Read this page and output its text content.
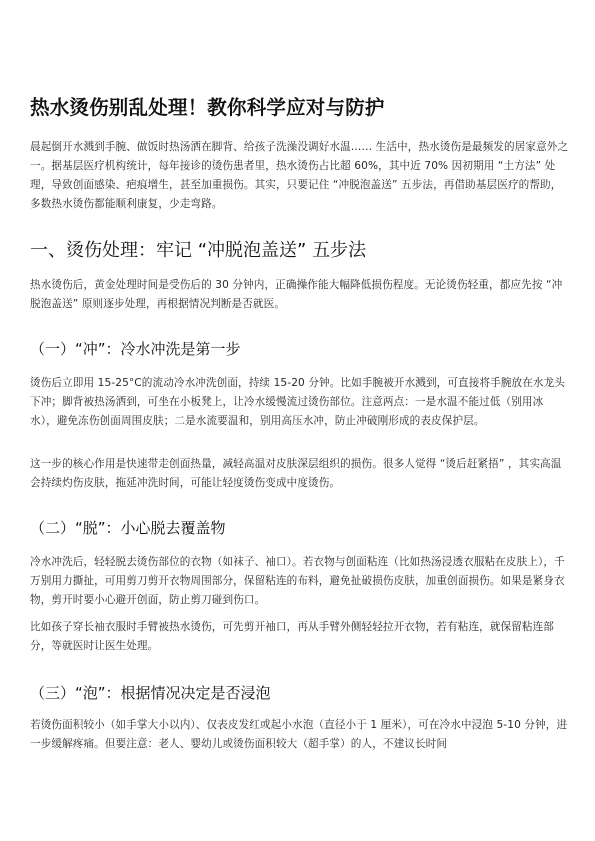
热水烫伤别乱处理！教你科学应对与防护

晨起倒开水溅到手腕、做饭时热汤洒在脚背、给孩子洗澡没调好水温…… 生活中，热水烫伤是最频发的居家意外之一。据基层医疗机构统计，每年接诊的烫伤患者里，热水烫伤占比超 60%，其中近 70% 因初期用 “土方法” 处理，导致创面感染、疤痕增生，甚至加重损伤。其实，只要记住 “冲脱泡盖送” 五步法，再借助基层医疗的帮助，多数热水烫伤都能顺利康复，少走弯路。

一、烫伤处理：牢记 “冲脱泡盖送” 五步法

热水烫伤后，黄金处理时间是受伤后的 30 分钟内，正确操作能大幅降低损伤程度。无论烫伤轻重，都应先按 “冲脱泡盖送” 原则逐步处理，再根据情况判断是否就医。

（一）“冲”：冷水冲洗是第一步

烫伤后立即用 15-25°C的流动冷水冲洗创面，持续 15-20 分钟。比如手腕被开水溅到，可直接将手腕放在水龙头下冲；脚背被热汤洒到，可坐在小板凳上，让冷水缓慢流过烫伤部位。注意两点：一是水温不能过低（别用冰水），避免冻伤创面周围皮肤；二是水流要温和，别用高压水冲，防止冲破刚形成的表皮保护层。

这一步的核心作用是快速带走创面热量，减轻高温对皮肤深层组织的损伤。很多人觉得 “烫后赶紧捂” ，其实高温会持续灼伤皮肤，拖延冲洗时间，可能让轻度烫伤变成中度烫伤。

（二）“脱”：小心脱去覆盖物

冷水冲洗后，轻轻脱去烫伤部位的衣物（如袜子、袖口）。若衣物与创面粘连（比如热汤浸透衣服粘在皮肤上），千万别用力撕扯，可用剪刀剪开衣物周围部分，保留粘连的布料，避免扯破损伤皮肤，加重创面损伤。如果是紧身衣物，剪开时要小心避开创面，防止剪刀碰到伤口。

比如孩子穿长袖衣服时手臂被热水烫伤，可先剪开袖口，再从手臂外侧轻轻拉开衣物，若有粘连，就保留粘连部分，等就医时让医生处理。

（三）“泡”：根据情况决定是否浸泡

若烫伤面积较小（如手掌大小以内）、仅表皮发红或起小水泡（直径小于 1 厘米），可在冷水中浸泡 5-10 分钟，进一步缓解疼痛。但要注意：老人、婴幼儿或烫伤面积较大（超手掌）的人，不建议长时间
